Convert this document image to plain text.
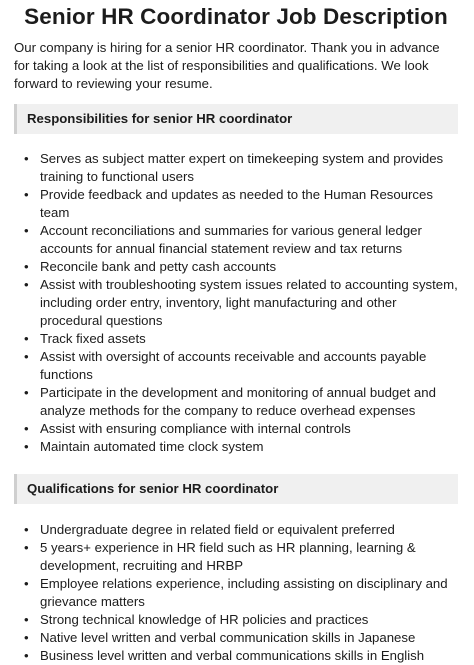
Senior HR Coordinator Job Description

Our company is hiring for a senior HR coordinator. Thank you in advance for taking a look at the list of responsibilities and qualifications. We look forward to reviewing your resume.

Responsibilities for senior HR coordinator
• Serves as subject matter expert on timekeeping system and provides training to functional users
• Provide feedback and updates as needed to the Human Resources team
• Account reconciliations and summaries for various general ledger accounts for annual financial statement review and tax returns
• Reconcile bank and petty cash accounts
• Assist with troubleshooting system issues related to accounting system, including order entry, inventory, light manufacturing and other procedural questions
• Track fixed assets
• Assist with oversight of accounts receivable and accounts payable functions
• Participate in the development and monitoring of annual budget and analyze methods for the company to reduce overhead expenses
• Assist with ensuring compliance with internal controls
• Maintain automated time clock system
Qualifications for senior HR coordinator
• Undergraduate degree in related field or equivalent preferred
• 5 years+ experience in HR field such as HR planning, learning & development, recruiting and HRBP
• Employee relations experience, including assisting on disciplinary and grievance matters
• Strong technical knowledge of HR policies and practices
• Native level written and verbal communication skills in Japanese
• Business level written and verbal communications skills in English
